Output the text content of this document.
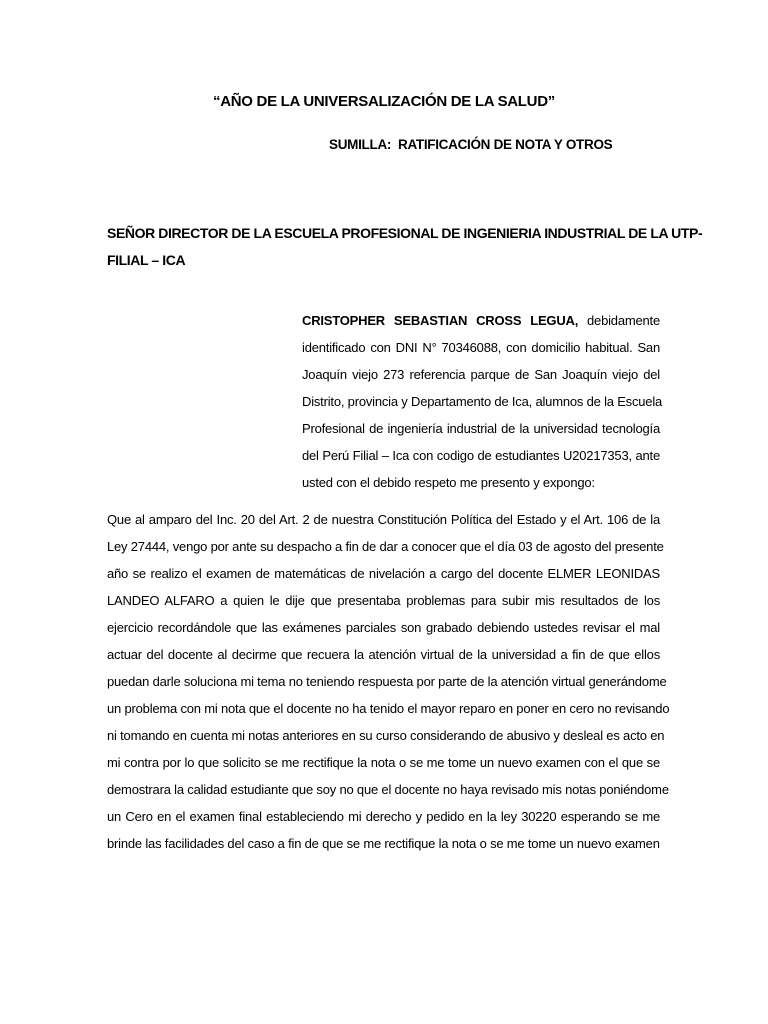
“AÑO DE LA UNIVERSALIZACIÓN DE LA SALUD”
SUMILLA:  RATIFICACIÓN DE NOTA Y OTROS
SEÑOR DIRECTOR DE LA ESCUELA PROFESIONAL DE INGENIERIA INDUSTRIAL DE LA UTP-
FILIAL – ICA
CRISTOPHER SEBASTIAN CROSS LEGUA, debidamente
identificado con DNI N° 70346088, con domicilio habitual. San
Joaquín viejo 273 referencia parque de San Joaquín viejo del
Distrito, provincia y Departamento de Ica, alumnos de la Escuela
Profesional de ingeniería industrial de la universidad tecnología
del Perú Filial – Ica con codigo de estudiantes U20217353, ante
usted con el debido respeto me presento y expongo:
Que al amparo del Inc. 20 del Art. 2 de nuestra Constitución Política del Estado y el Art. 106 de la
Ley 27444, vengo por ante su despacho a fin de dar a conocer que el día 03 de agosto del presente
año se realizo el examen de matemáticas de nivelación a cargo del docente ELMER LEONIDAS
LANDEO ALFARO a quien le dije que presentaba problemas para subir mis resultados de los
ejercicio recordándole que las exámenes parciales son grabado debiendo ustedes revisar el mal
actuar del docente al decirme que recuera la atención virtual de la universidad a fin de que ellos
puedan darle soluciona mi tema no teniendo respuesta por parte de la atención virtual generándome
un problema con mi nota que el docente no ha tenido el mayor reparo en poner en cero no revisando
ni tomando en cuenta mi notas anteriores en su curso considerando de abusivo y desleal es acto en
mi contra por lo que solicito se me rectifique la nota o se me tome un nuevo examen con el que se
demostrara la calidad estudiante que soy no que el docente no haya revisado mis notas poniéndome
un Cero en el examen final estableciendo mi derecho y pedido en la ley 30220 esperando se me
brinde las facilidades del caso a fin de que se me rectifique la nota o se me tome un nuevo examen
